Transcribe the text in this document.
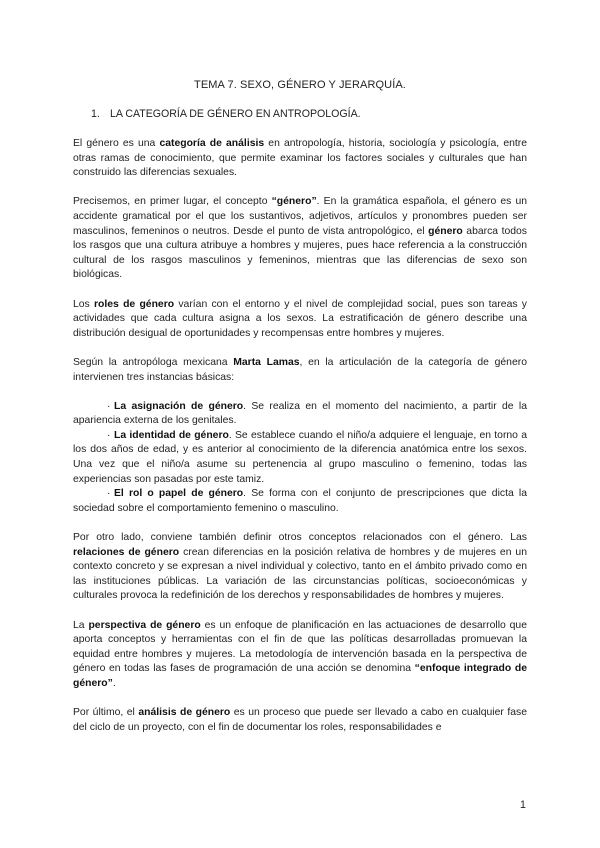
TEMA 7. SEXO, GÉNERO Y JERARQUÍA.
1. LA CATEGORÍA DE GÉNERO EN ANTROPOLOGÍA.

El género es una categoría de análisis en antropología, historia, sociología y psicología, entre otras ramas de conocimiento, que permite examinar los factores sociales y culturales que han construido las diferencias sexuales.

Precisemos, en primer lugar, el concepto “género”. En la gramática española, el género es un accidente gramatical por el que los sustantivos, adjetivos, artículos y pronombres pueden ser masculinos, femeninos o neutros. Desde el punto de vista antropológico, el género abarca todos los rasgos que una cultura atribuye a hombres y mujeres, pues hace referencia a la construcción cultural de los rasgos masculinos y femeninos, mientras que las diferencias de sexo son biológicas.

Los roles de género varían con el entorno y el nivel de complejidad social, pues son tareas y actividades que cada cultura asigna a los sexos. La estratificación de género describe una distribución desigual de oportunidades y recompensas entre hombres y mujeres.

Según la antropóloga mexicana Marta Lamas, en la articulación de la categoría de género intervienen tres instancias básicas:

· La asignación de género. Se realiza en el momento del nacimiento, a partir de la apariencia externa de los genitales.
· La identidad de género. Se establece cuando el niño/a adquiere el lenguaje, en torno a los dos años de edad, y es anterior al conocimiento de la diferencia anatómica entre los sexos. Una vez que el niño/a asume su pertenencia al grupo masculino o femenino, todas las experiencias son pasadas por este tamiz.
· El rol o papel de género. Se forma con el conjunto de prescripciones que dicta la sociedad sobre el comportamiento femenino o masculino.

Por otro lado, conviene también definir otros conceptos relacionados con el género. Las relaciones de género crean diferencias en la posición relativa de hombres y de mujeres en un contexto concreto y se expresan a nivel individual y colectivo, tanto en el ámbito privado como en las instituciones públicas. La variación de las circunstancias políticas, socioeconómicas y culturales provoca la redefinición de los derechos y responsabilidades de hombres y mujeres.

La perspectiva de género es un enfoque de planificación en las actuaciones de desarrollo que aporta conceptos y herramientas con el fin de que las políticas desarrolladas promuevan la equidad entre hombres y mujeres. La metodología de intervención basada en la perspectiva de género en todas las fases de programación de una acción se denomina “enfoque integrado de género”.

Por último, el análisis de género es un proceso que puede ser llevado a cabo en cualquier fase del ciclo de un proyecto, con el fin de documentar los roles, responsabilidades e

1
